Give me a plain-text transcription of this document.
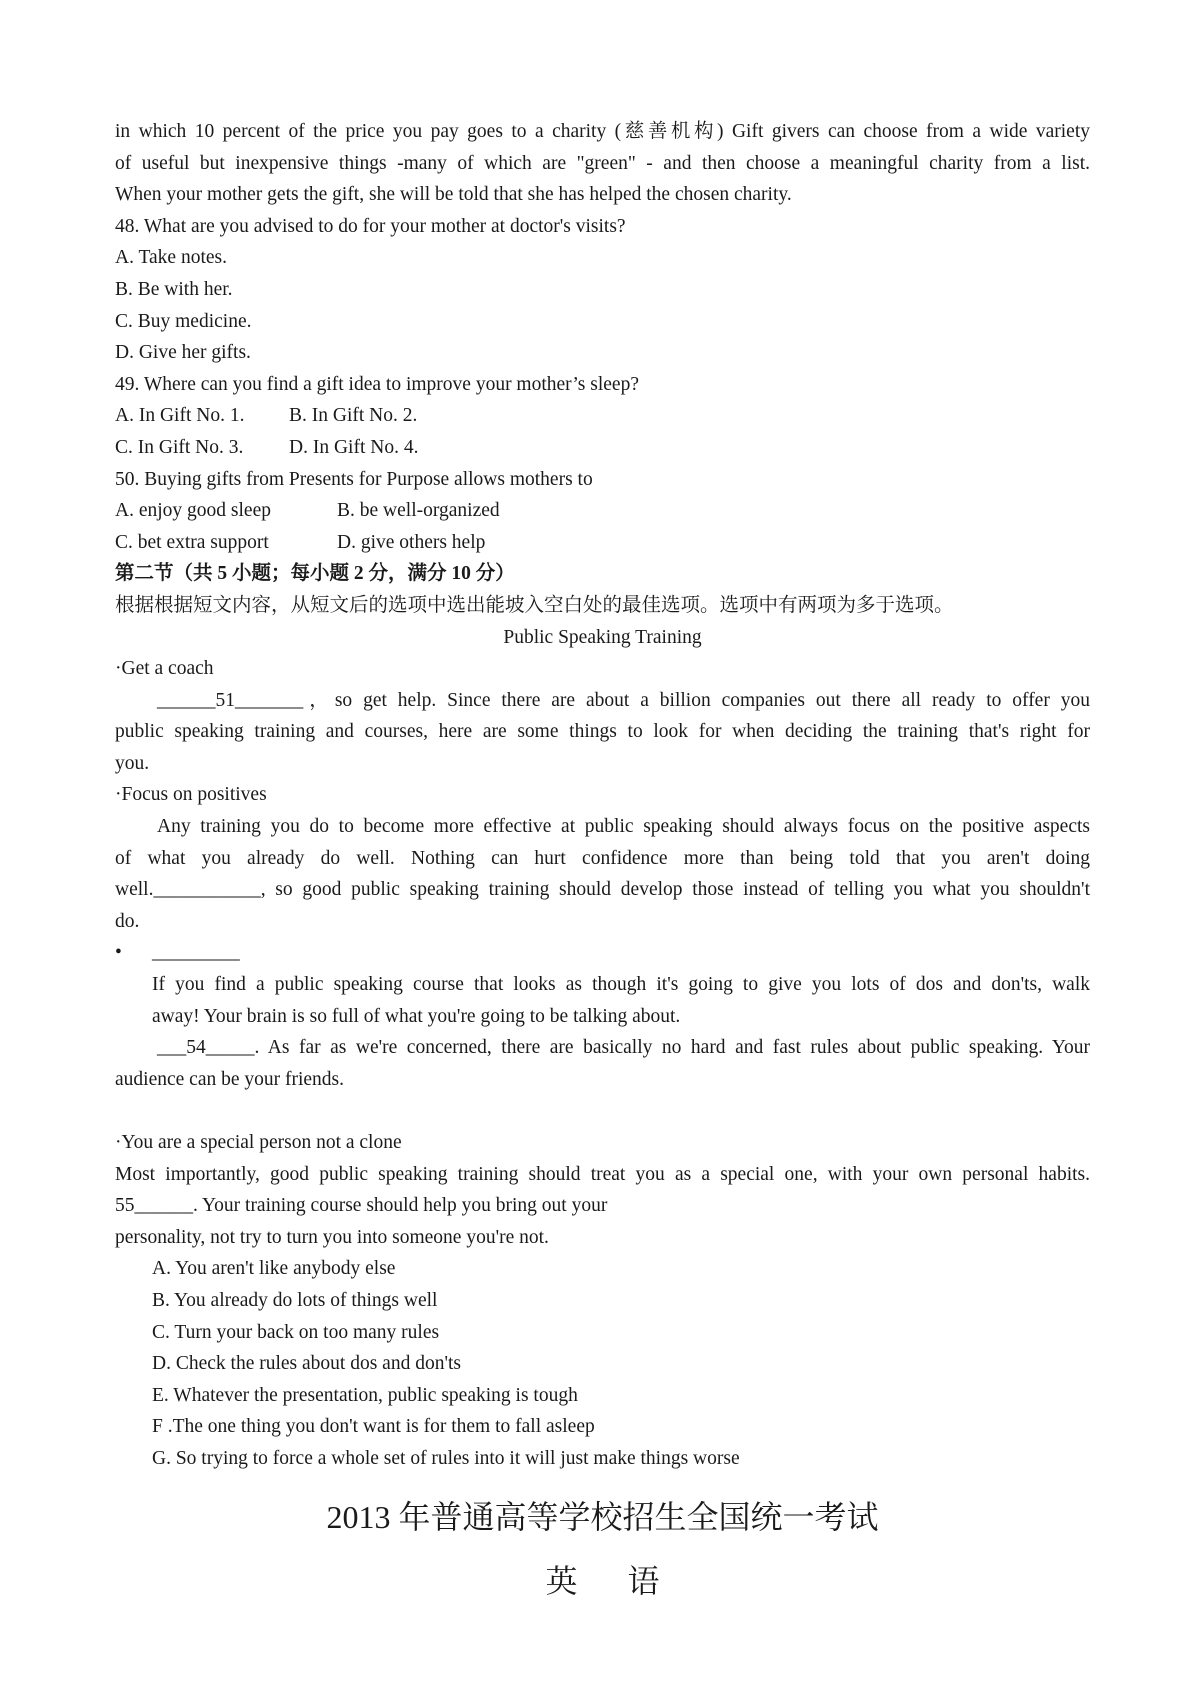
in which 10 percent of the price you pay goes to a charity (慈善机构) Gift givers can choose from a wide variety

of useful but inexpensive things -many of which are "green" - and then choose a meaningful charity from a list.

When your mother gets the gift, she will be told that she has helped the chosen charity.

48. What are you advised to do for your mother at doctor's visits?

A. Take notes.

B. Be with her.

C. Buy medicine.

D. Give her gifts.

49. Where can you find a gift idea to improve your mother’s sleep?

A. In Gift No. 1.	B. In Gift No. 2.
C. In Gift No. 3.	D. In Gift No. 4.

50. Buying gifts from Presents for Purpose allows mothers to

A. enjoy good sleep	B. be well-organized
C. bet extra support	D. give others help

第二节（共 5 小题；每小题 2 分，满分 10 分）

根据根据短文内容，从短文后的选项中选出能坡入空白处的最佳选项。选项中有两项为多于选项。

Public Speaking Training

·Get a coach

______51_______，so get help. Since there are about a billion companies out there all ready to offer you

public speaking training and courses, here are some things to look for when deciding the training that's right for

you.

·Focus on positives

Any training you do to become more effective at public speaking should always focus on the positive aspects

of what you already do well. Nothing can hurt confidence more than being told that you aren't doing

well.___________, so good public speaking training should develop those instead of telling you what you shouldn't

do.

•	_________

If you find a public speaking course that looks as though it's going to give you lots of dos and don'ts, walk

away! Your brain is so full of what you're going to be talking about.

___54_____. As far as we're concerned, there are basically no hard and fast rules about public speaking. Your

audience can be your friends.

·You are a special person not a clone

Most importantly, good public speaking training should treat you as a special one, with your own personal habits.

55______. Your training course should help you bring out your

personality, not try to turn you into someone you're not.

A. You aren't like anybody else

B. You already do lots of things well

C. Turn your back on too many rules

D. Check the rules about dos and don'ts

E. Whatever the presentation, public speaking is tough

F .The one thing you don't want is for them to fall asleep

G. So trying to force a whole set of rules into it will just make things worse

2013 年普通高等学校招生全国统一考试

英语
